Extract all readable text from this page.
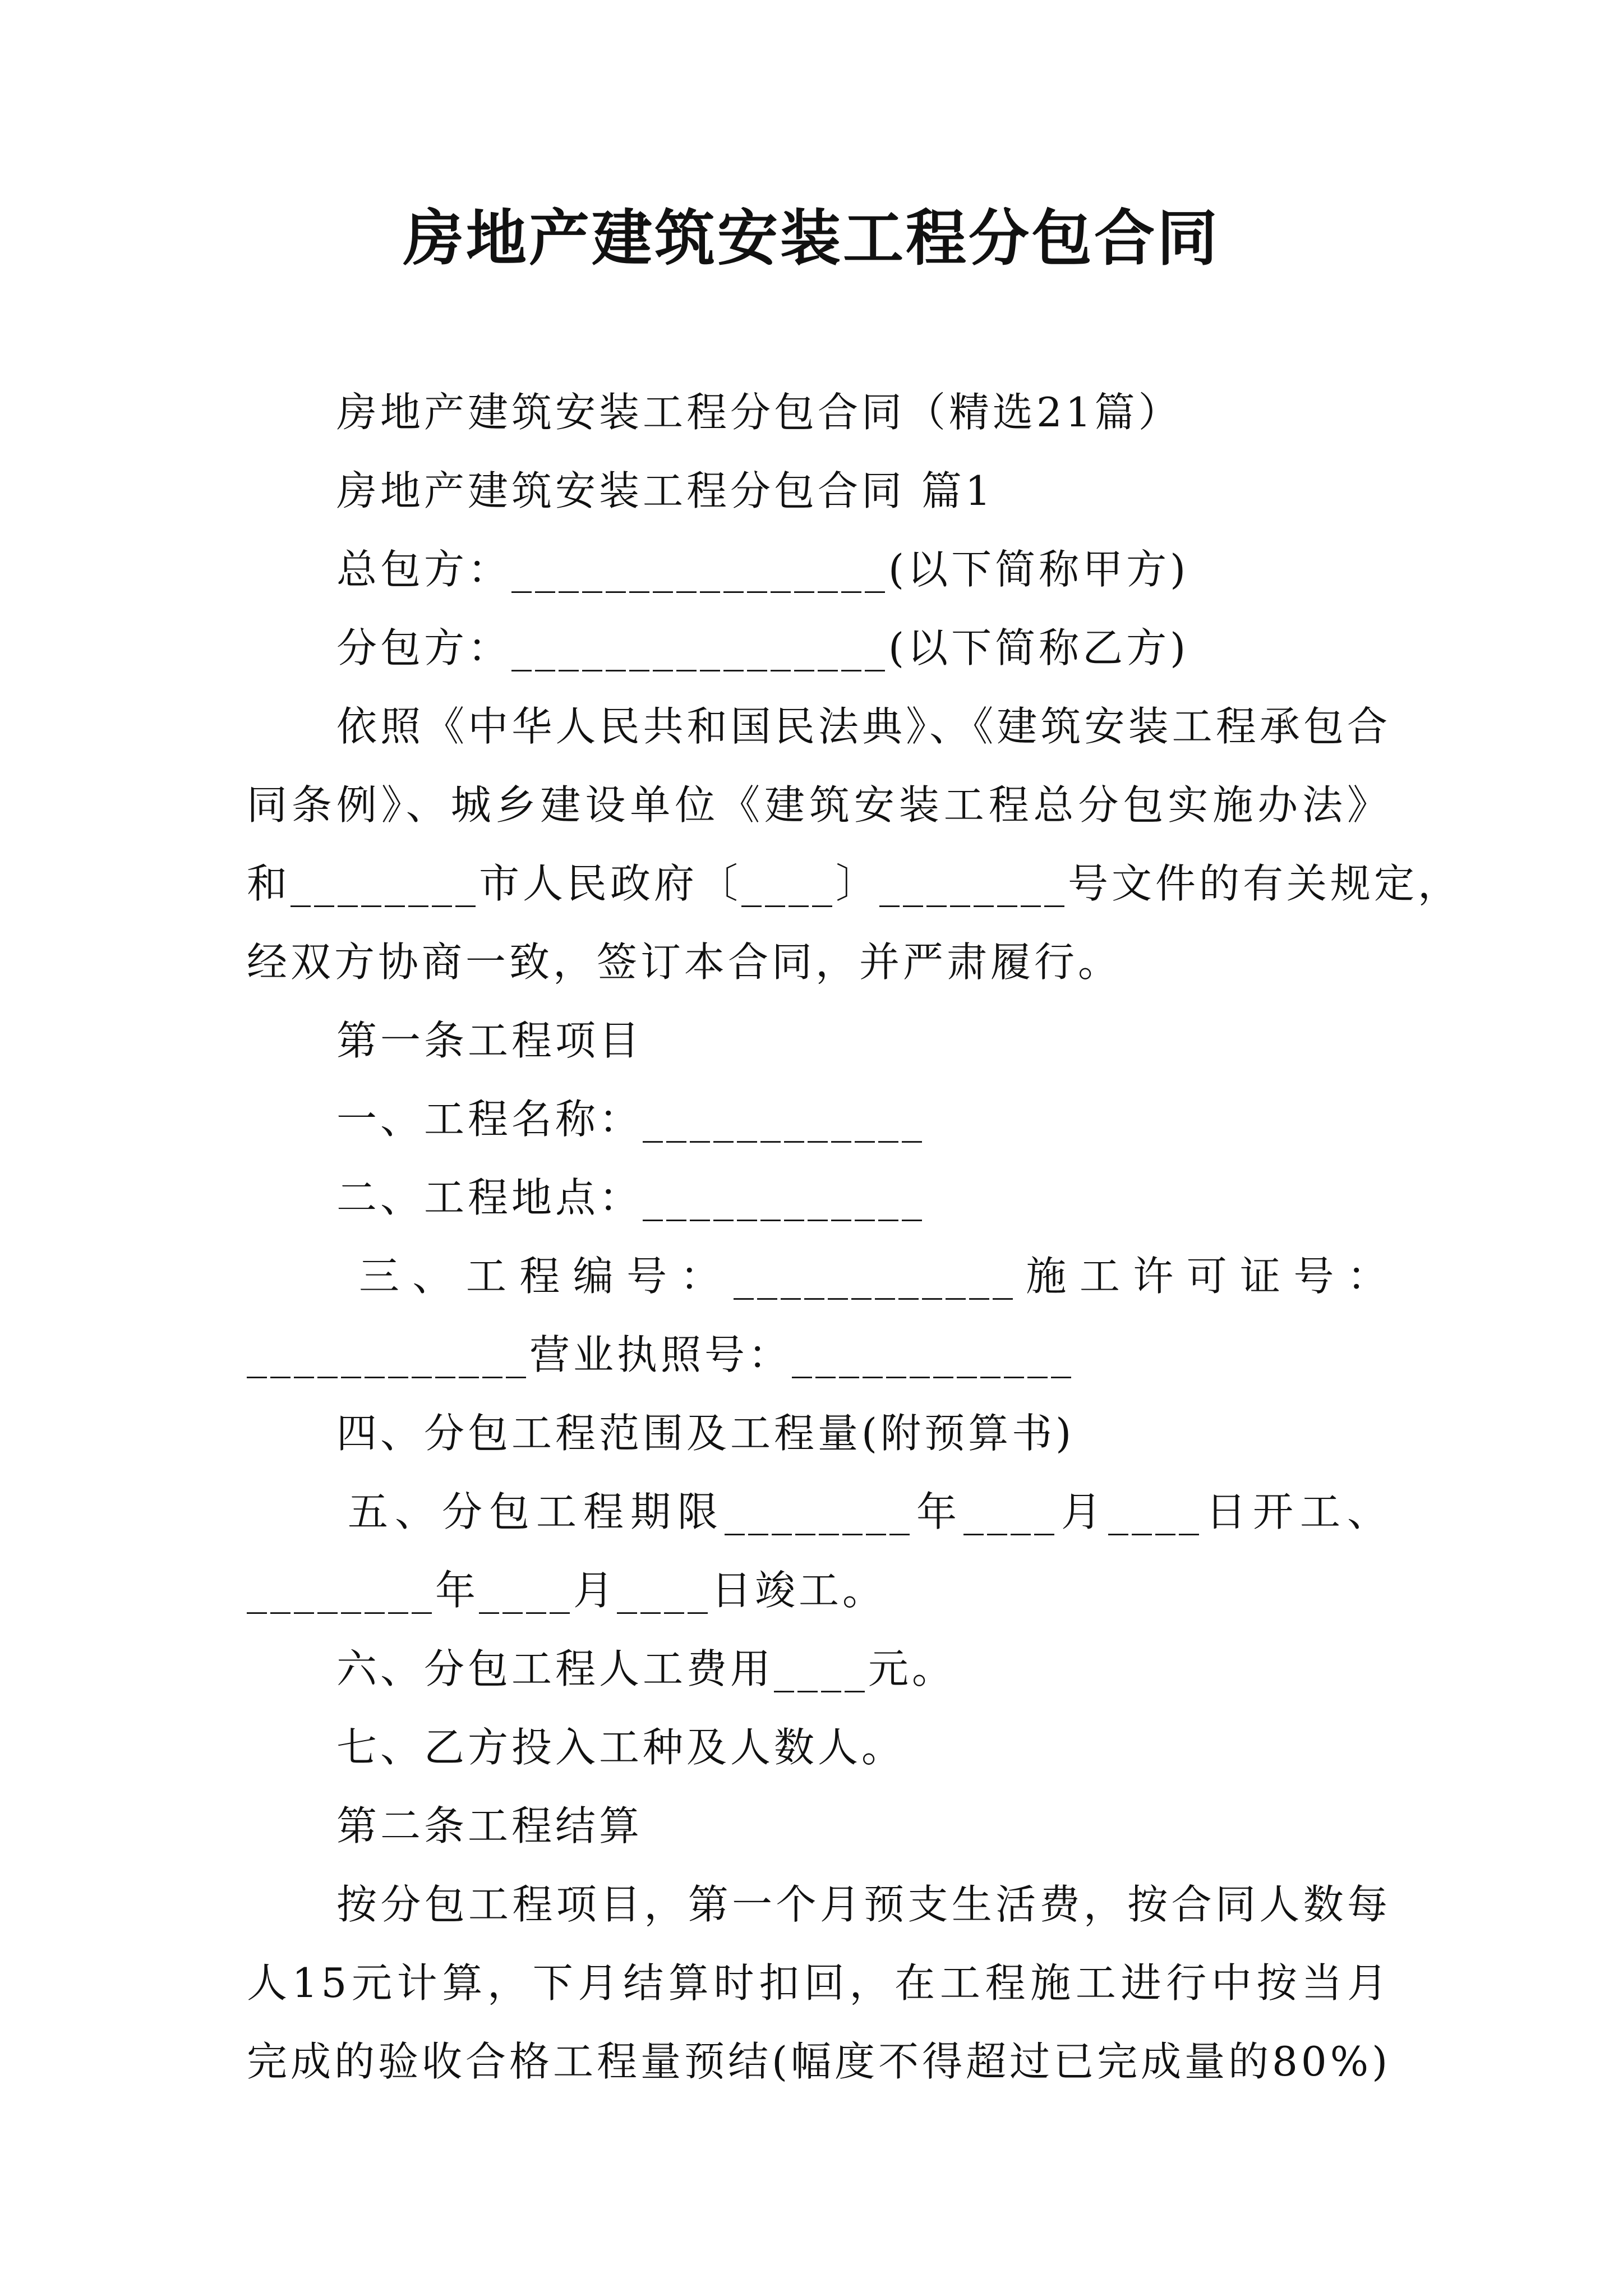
房地产建筑安装工程分包合同
房地产建筑安装工程分包合同（精选21篇）
房地产建筑安装工程分包合同 篇1
总包方：________________(以下简称甲方)
分包方：________________(以下简称乙方)
依照《中华人民共和国民法典》、《建筑安装工程承包合
同条例》、城乡建设单位《建筑安装工程总分包实施办法》
和________市人民政府〔____〕________号文件的有关规定，
经双方协商一致，签订本合同，并严肃履行。
第一条工程项目
一、工程名称：____________
二、工程地点：____________
三、工程编号：____________施工许可证号：
____________营业执照号：____________
四、分包工程范围及工程量(附预算书)
五、分包工程期限________年____月____日开工、
________年____月____日竣工。
六、分包工程人工费用____元。
七、乙方投入工种及人数人。
第二条工程结算
按分包工程项目，第一个月预支生活费，按合同人数每
人15元计算，下月结算时扣回，在工程施工进行中按当月
完成的验收合格工程量预结(幅度不得超过已完成量的80%)
